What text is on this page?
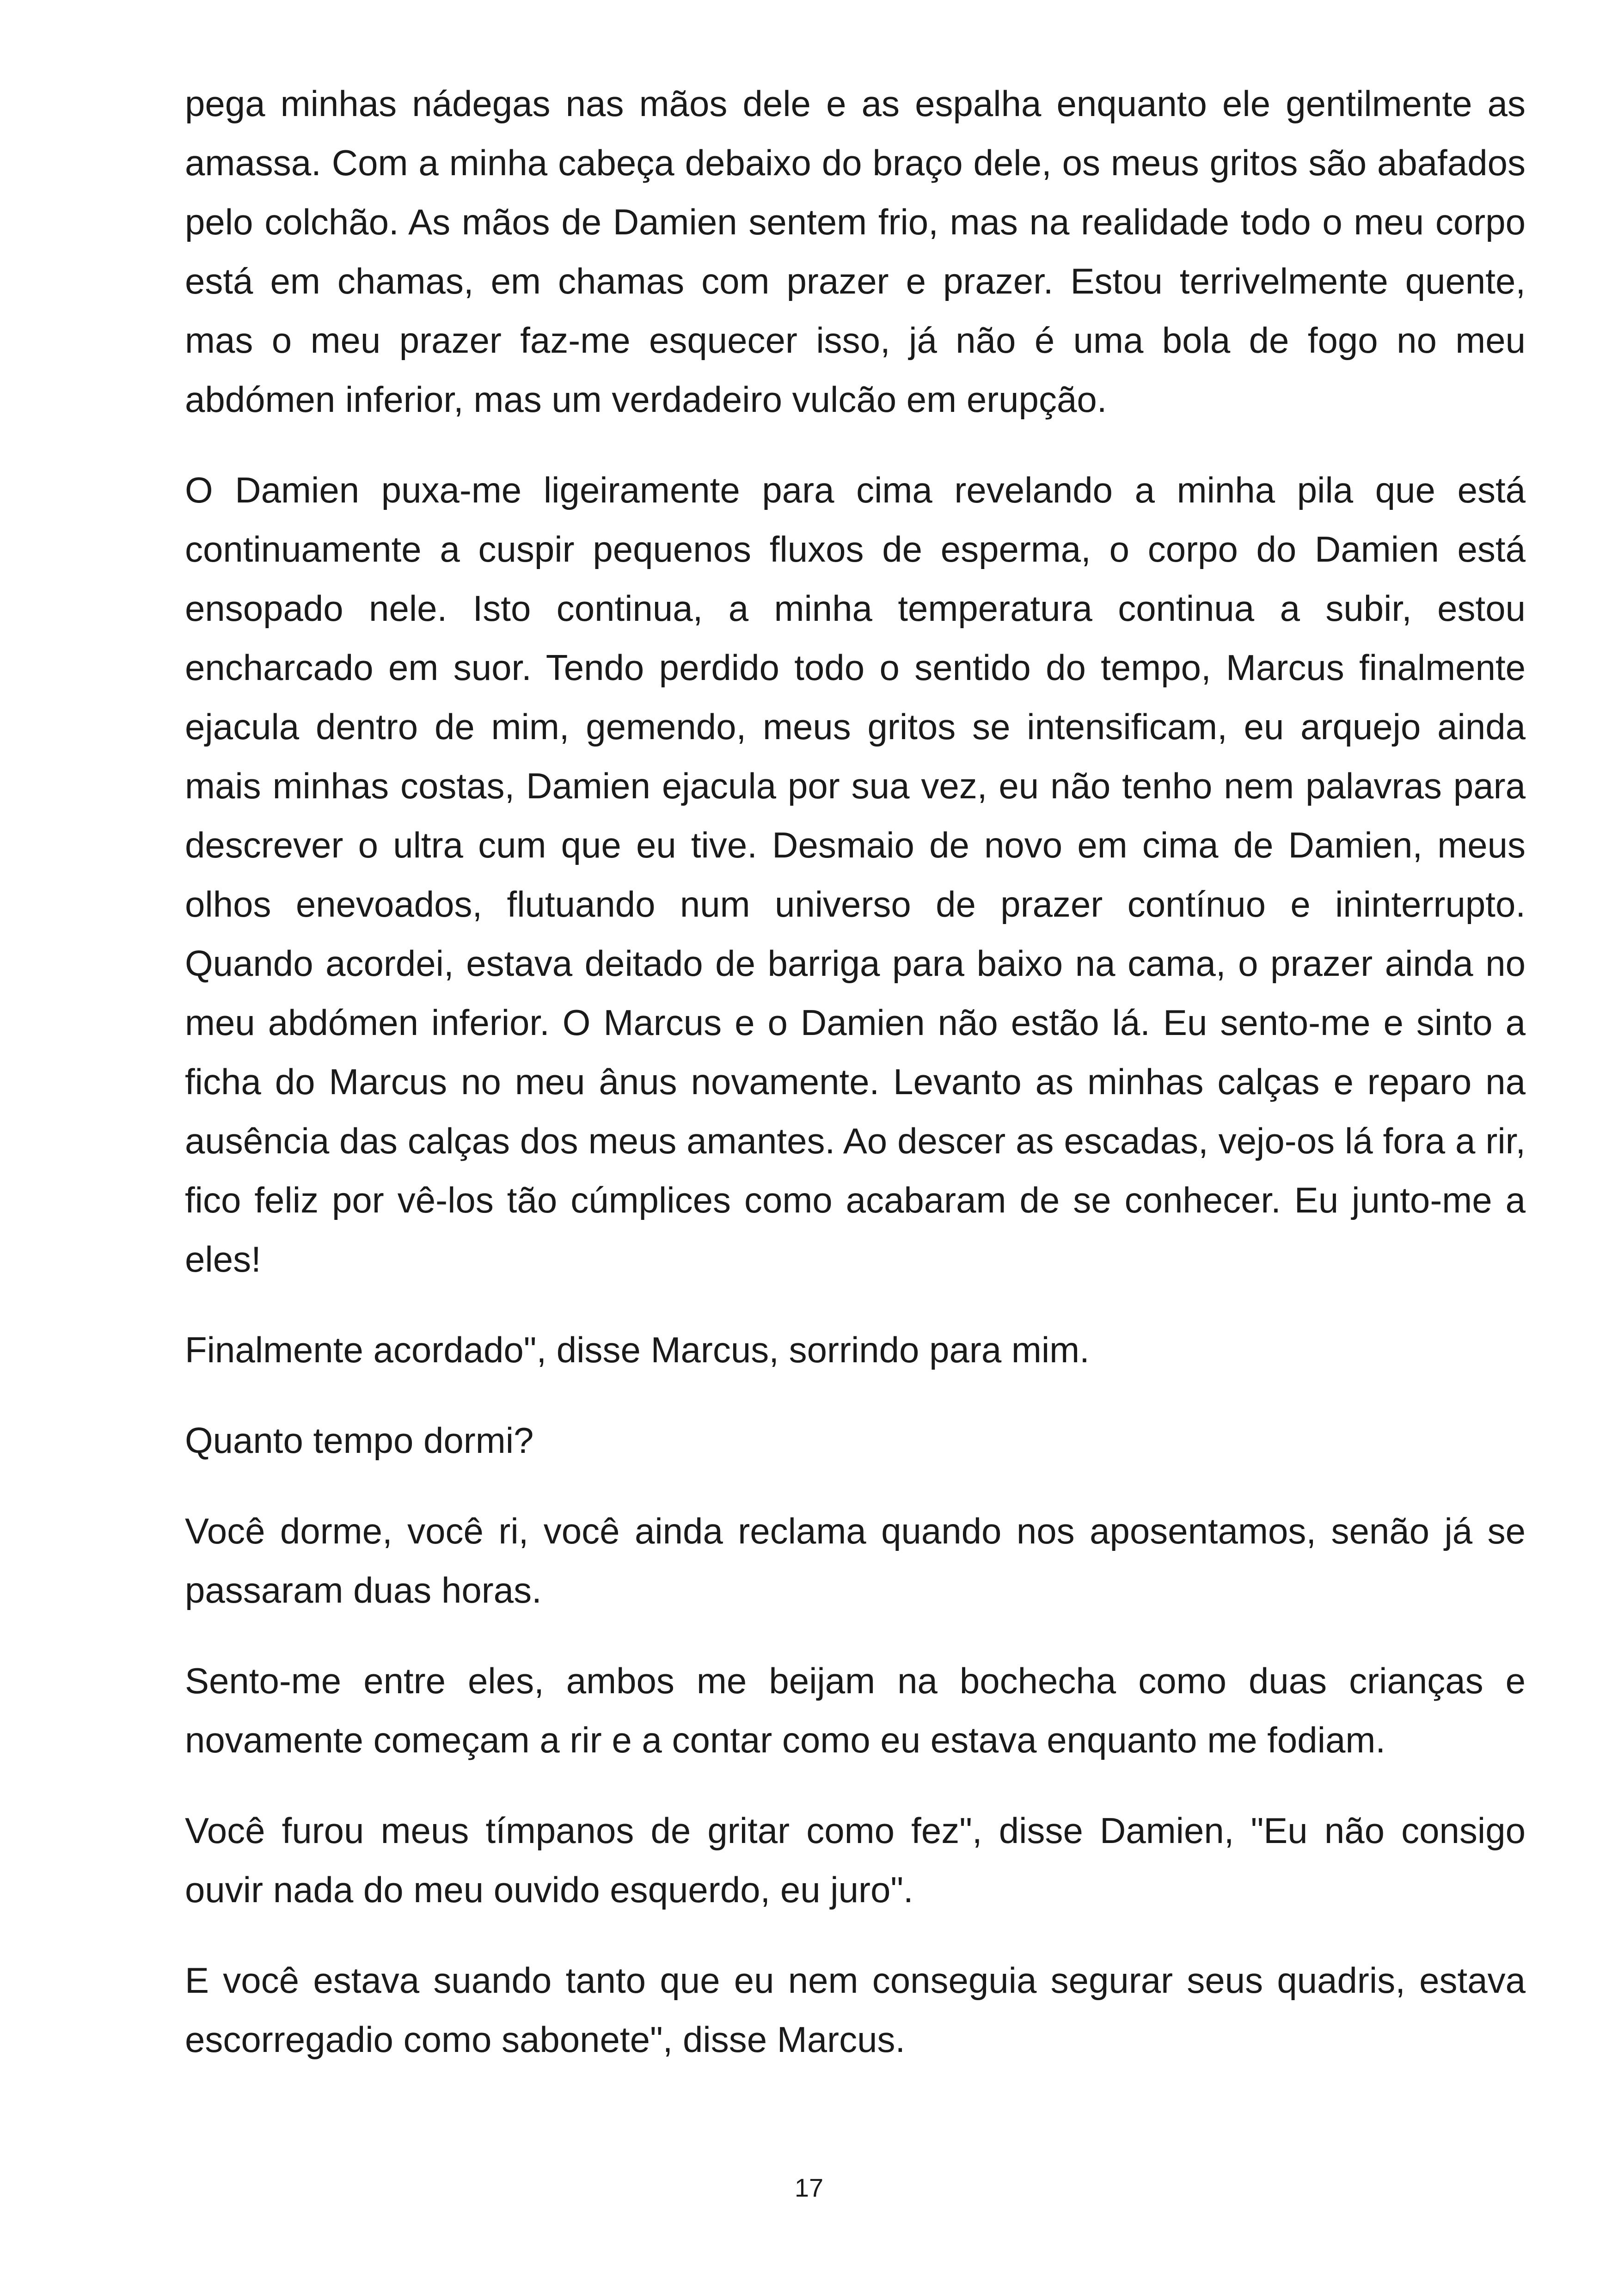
pega minhas nádegas nas mãos dele e as espalha enquanto ele gentilmente as amassa. Com a minha cabeça debaixo do braço dele, os meus gritos são abafados pelo colchão. As mãos de Damien sentem frio, mas na realidade todo o meu corpo está em chamas, em chamas com prazer e prazer. Estou terrivelmente quente, mas o meu prazer faz-me esquecer isso, já não é uma bola de fogo no meu abdómen inferior, mas um verdadeiro vulcão em erupção.

O Damien puxa-me ligeiramente para cima revelando a minha pila que está continuamente a cuspir pequenos fluxos de esperma, o corpo do Damien está ensopado nele. Isto continua, a minha temperatura continua a subir, estou encharcado em suor. Tendo perdido todo o sentido do tempo, Marcus finalmente ejacula dentro de mim, gemendo, meus gritos se intensificam, eu arquejo ainda mais minhas costas, Damien ejacula por sua vez, eu não tenho nem palavras para descrever o ultra cum que eu tive. Desmaio de novo em cima de Damien, meus olhos enevoados, flutuando num universo de prazer contínuo e ininterrupto. Quando acordei, estava deitado de barriga para baixo na cama, o prazer ainda no meu abdómen inferior. O Marcus e o Damien não estão lá. Eu sento-me e sinto a ficha do Marcus no meu ânus novamente. Levanto as minhas calças e reparo na ausência das calças dos meus amantes. Ao descer as escadas, vejo-os lá fora a rir, fico feliz por vê-los tão cúmplices como acabaram de se conhecer. Eu junto-me a eles!

Finalmente acordado", disse Marcus, sorrindo para mim.

Quanto tempo dormi?

Você dorme, você ri, você ainda reclama quando nos aposentamos, senão já se passaram duas horas.

Sento-me entre eles, ambos me beijam na bochecha como duas crianças e novamente começam a rir e a contar como eu estava enquanto me fodiam.

Você furou meus tímpanos de gritar como fez", disse Damien, "Eu não consigo ouvir nada do meu ouvido esquerdo, eu juro".

E você estava suando tanto que eu nem conseguia segurar seus quadris, estava escorregadio como sabonete", disse Marcus.

17
